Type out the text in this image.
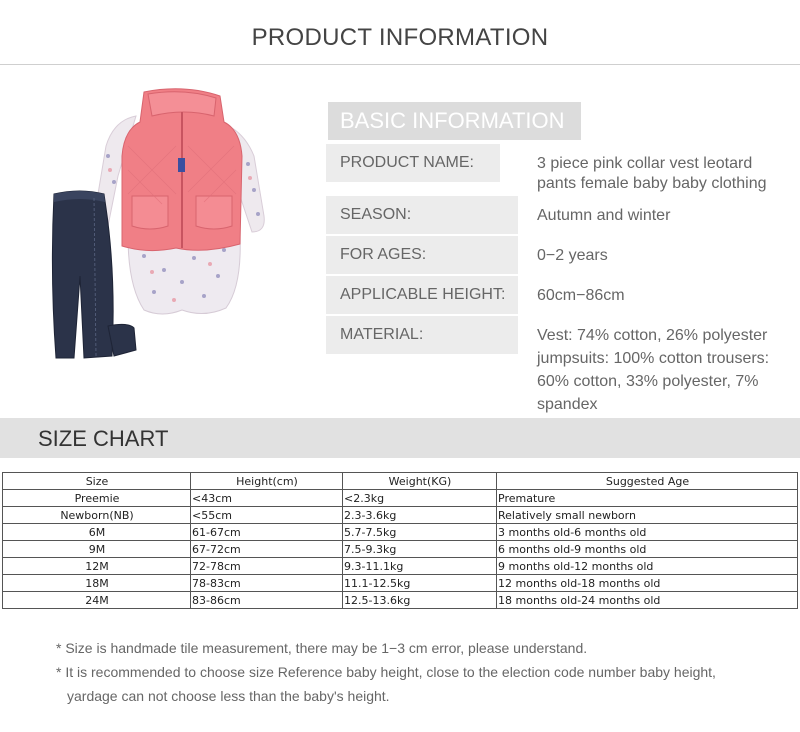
PRODUCT INFORMATION
BASIC INFORMATION
PRODUCT NAME:	3 piece pink collar vest leotard
pants female baby baby clothing
SEASON:	Autumn and winter
FOR AGES:	0−2 years
APPLICABLE HEIGHT:	60cm−86cm
MATERIAL:	Vest: 74% cotton, 26% polyester
jumpsuits: 100% cotton trousers:
60% cotton, 33% polyester, 7%
spandex
SIZE CHART
Size	Height(cm)	Weight(KG)	Suggested Age
Preemie	<43cm	<2.3kg	Premature
Newborn(NB)	<55cm	2.3-3.6kg	Relatively small newborn
6M	61-67cm	5.7-7.5kg	3 months old-6 months old
9M	67-72cm	7.5-9.3kg	6 months old-9 months old
12M	72-78cm	9.3-11.1kg	9 months old-12 months old
18M	78-83cm	11.1-12.5kg	12 months old-18 months old
24M	83-86cm	12.5-13.6kg	18 months old-24 months old
* Size is handmade tile measurement, there may be 1−3 cm error, please understand.
* It is recommended to choose size Reference baby height, close to the election code number baby height,
yardage can not choose less than the baby's height.
